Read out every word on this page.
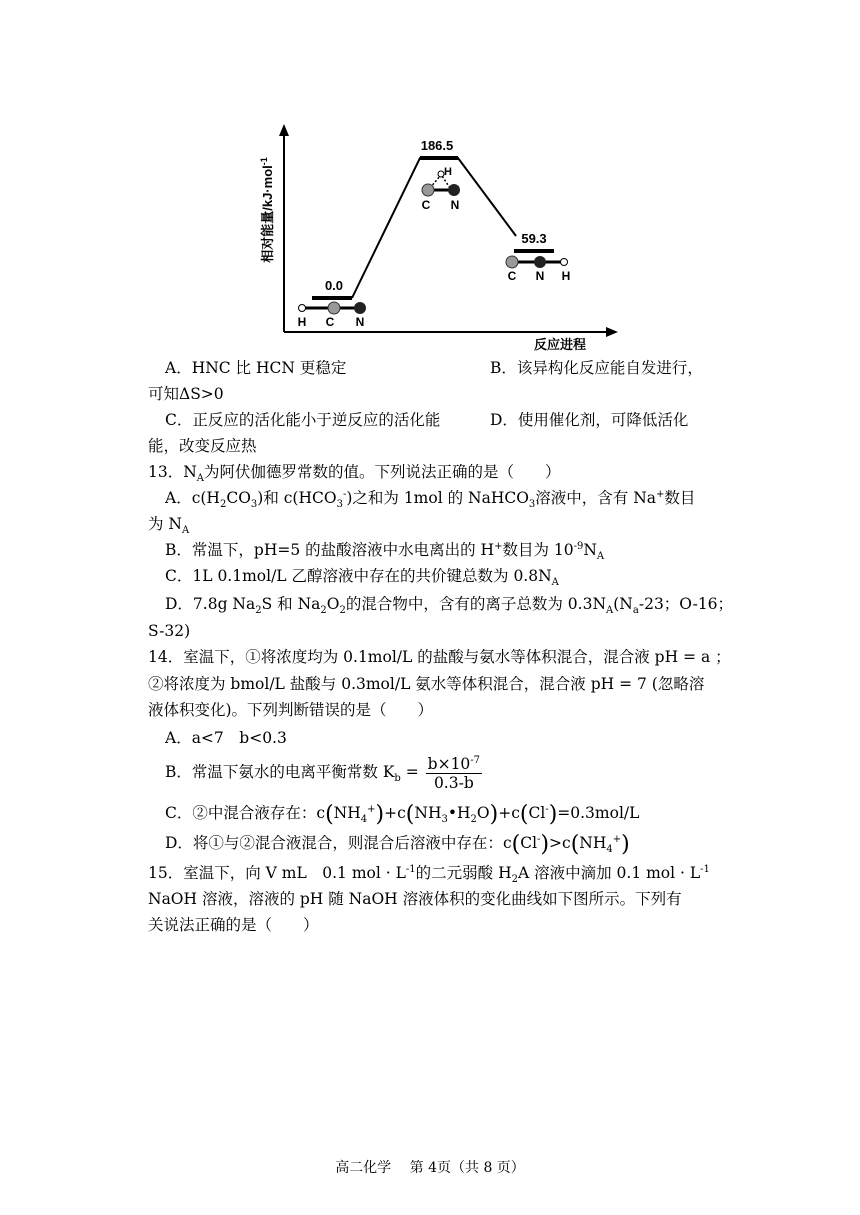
相对能量/kJ·mol$^{-1}$
反应进程
0.0
H C N
186.5
H
C N
59.3
C N H
A．HNC 比 HCN 更稳定	B．该异构化反应能自发进行，
可知ΔS>0
C．正反应的活化能小于逆反应的活化能	D．使用催化剂，可降低活化
能，改变反应热
13．$N_A$为阿伏伽德罗常数的值。下列说法正确的是（　　）
A．$c(H_2CO_3)$和 $c(HCO_3^-)$之和为 1mol 的 NaHCO$_3$溶液中，含有 Na+数目
为 $N_A$
B．常温下，pH=5 的盐酸溶液中水电离出的 H+数目为 $10^{-9}N_A$
C．1L 0.1mol/L 乙醇溶液中存在的共价键总数为 $0.8N_A$
D．7.8g $Na_2S$ 和 $Na_2O_2$的混合物中，含有的离子总数为 $0.3N_A(N_a-23$；O-16；
S-32)
14．室温下，①将浓度均为 0.1mol/L 的盐酸与氨水等体积混合，混合液 pH = a ；
②将浓度为 bmol/L 盐酸与 0.3mol/L 氨水等体积混合，混合液 pH = 7 (忽略溶
液体积变化)。下列判断错误的是（　　）
A．a<7　b<0.3
B．常温下氨水的电离平衡常数 $K_b = \frac{b\times 10^{-7}}{0.3-b}$
C．②中混合液存在：$c(NH_4^+)+c(NH_3•H_2O)+c(Cl^-)=0.3mol/L$
D．将①与②混合液混合，则混合后溶液中存在：$c(Cl^-)>c(NH_4^+)$
15．室温下，向 V mL　0.1 mol · $L^{-1}$的二元弱酸 $H_2A$ 溶液中滴加 0.1 mol · $L^{-1}$
NaOH 溶液，溶液的 pH 随 NaOH 溶液体积的变化曲线如下图所示。下列有
关说法正确的是（　　）
高二化学　 第 4页（共 8 页）
